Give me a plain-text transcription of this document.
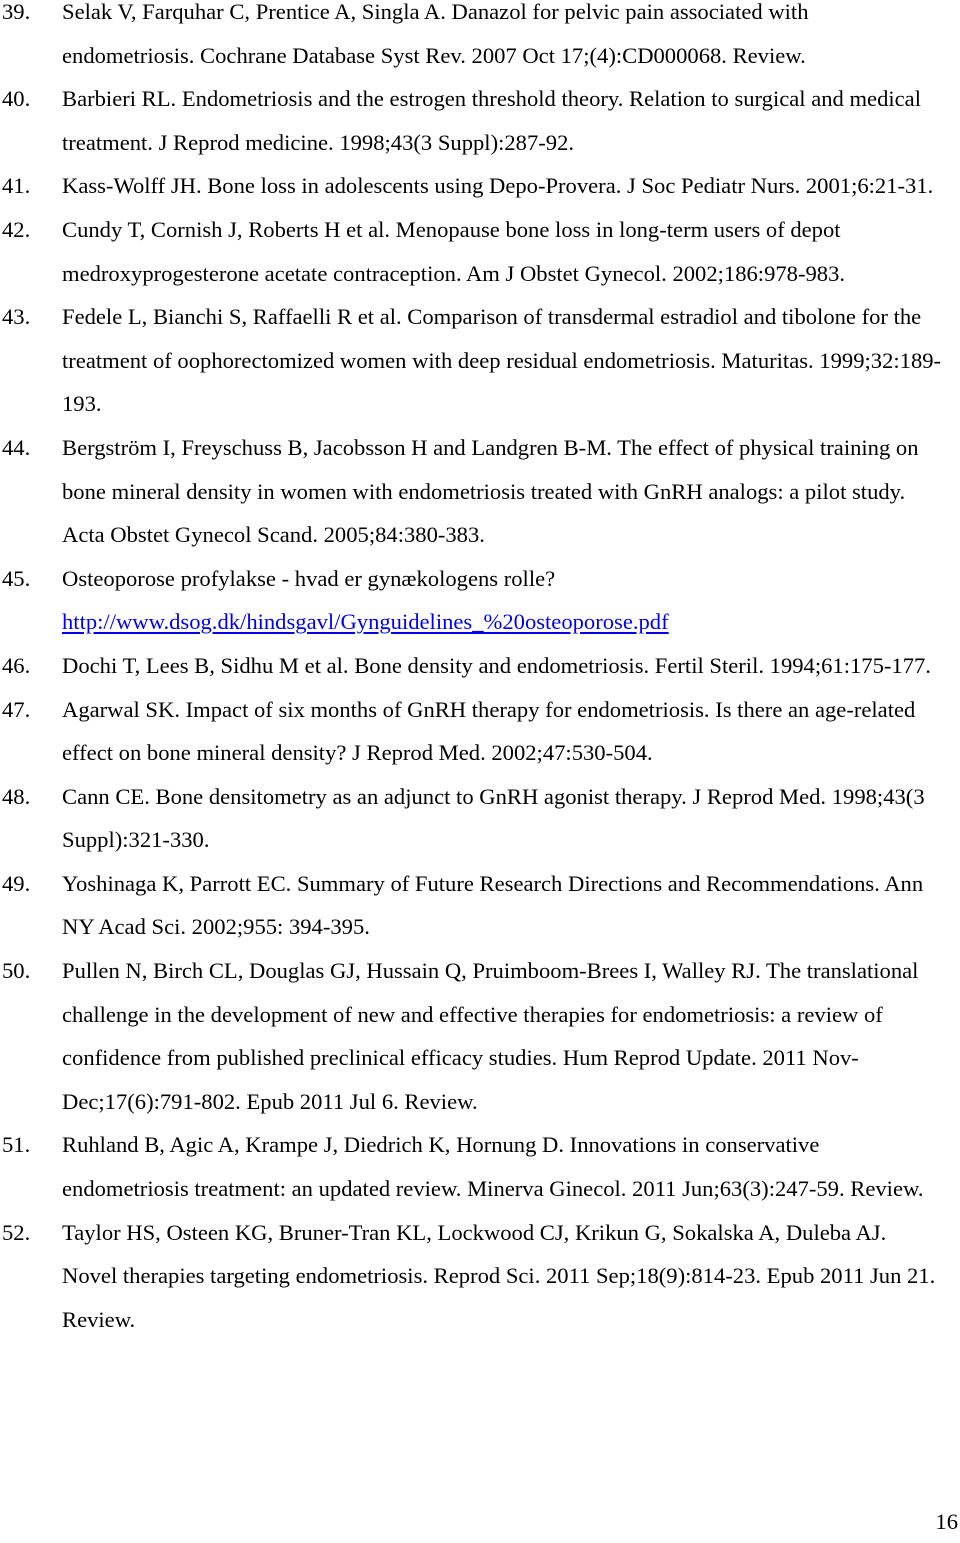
39. Selak V, Farquhar C, Prentice A, Singla A. Danazol for pelvic pain associated with endometriosis. Cochrane Database Syst Rev. 2007 Oct 17;(4):CD000068. Review.
40. Barbieri RL. Endometriosis and the estrogen threshold theory. Relation to surgical and medical treatment. J Reprod medicine. 1998;43(3 Suppl):287-92.
41. Kass-Wolff JH. Bone loss in adolescents using Depo-Provera. J Soc Pediatr Nurs. 2001;6:21-31.
42. Cundy T, Cornish J, Roberts H et al. Menopause bone loss in long-term users of depot medroxyprogesterone acetate contraception. Am J Obstet Gynecol. 2002;186:978-983.
43. Fedele L, Bianchi S, Raffaelli R et al. Comparison of transdermal estradiol and tibolone for the treatment of oophorectomized women with deep residual endometriosis. Maturitas. 1999;32:189-193.
44. Bergström I, Freyschuss B, Jacobsson H and Landgren B-M. The effect of physical training on bone mineral density in women with endometriosis treated with GnRH analogs: a pilot study. Acta Obstet Gynecol Scand. 2005;84:380-383.
45. Osteoporose profylakse - hvad er gynækologens rolle?
http://www.dsog.dk/hindsgavl/Gynguidelines_%20osteoporose.pdf
46. Dochi T, Lees B, Sidhu M et al. Bone density and endometriosis. Fertil Steril. 1994;61:175-177.
47. Agarwal SK. Impact of six months of GnRH therapy for endometriosis. Is there an age-related effect on bone mineral density? J Reprod Med. 2002;47:530-504.
48. Cann CE. Bone densitometry as an adjunct to GnRH agonist therapy. J Reprod Med. 1998;43(3 Suppl):321-330.
49. Yoshinaga K, Parrott EC. Summary of Future Research Directions and Recommendations. Ann NY Acad Sci. 2002;955: 394-395.
50. Pullen N, Birch CL, Douglas GJ, Hussain Q, Pruimboom-Brees I, Walley RJ. The translational challenge in the development of new and effective therapies for endometriosis: a review of confidence from published preclinical efficacy studies. Hum Reprod Update. 2011 Nov-Dec;17(6):791-802. Epub 2011 Jul 6. Review.
51. Ruhland B, Agic A, Krampe J, Diedrich K, Hornung D. Innovations in conservative endometriosis treatment: an updated review. Minerva Ginecol. 2011 Jun;63(3):247-59. Review.
52. Taylor HS, Osteen KG, Bruner-Tran KL, Lockwood CJ, Krikun G, Sokalska A, Duleba AJ. Novel therapies targeting endometriosis. Reprod Sci. 2011 Sep;18(9):814-23. Epub 2011 Jun 21. Review.
16
